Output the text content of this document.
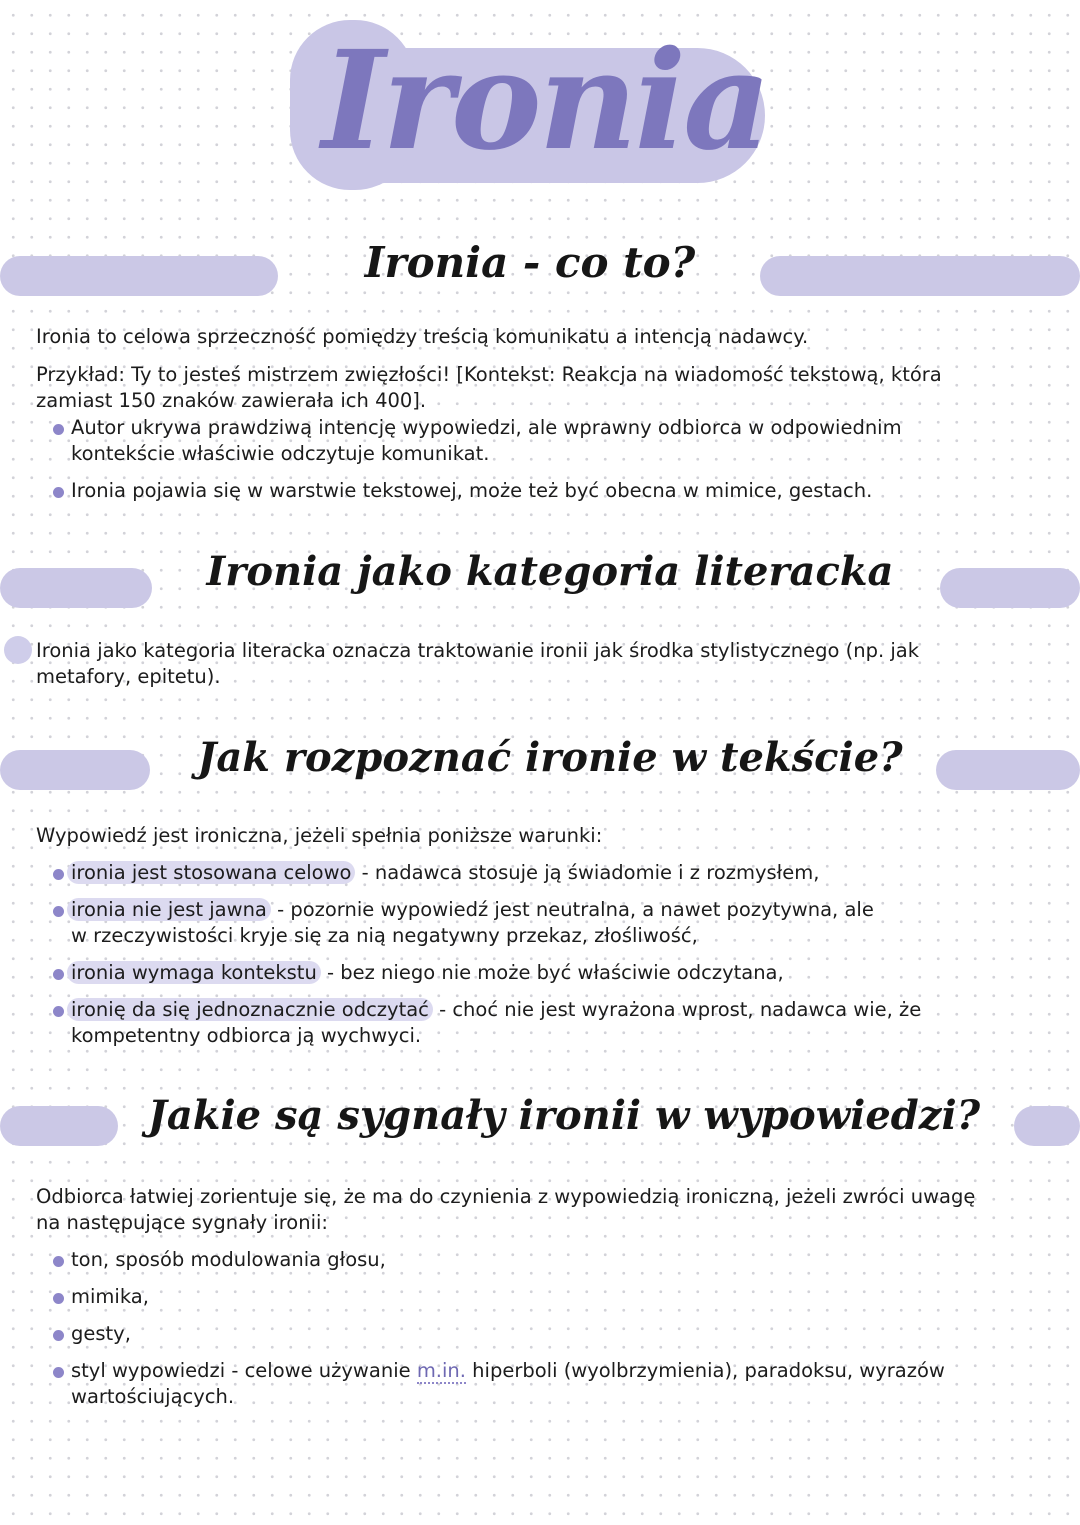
Ironia
Ironia - co to?
Ironia to celowa sprzeczność pomiędzy treścią komunikatu a intencją nadawcy.
Przykład: Ty to jesteś mistrzem zwięzłości! [Kontekst: Reakcja na wiadomość tekstową, która
zamiast 150 znaków zawierała ich 400].
Autor ukrywa prawdziwą intencję wypowiedzi, ale wprawny odbiorca w odpowiednim
kontekście właściwie odczytuje komunikat.
Ironia pojawia się w warstwie tekstowej, może też być obecna w mimice, gestach.
Ironia jako kategoria literacka
Ironia jako kategoria literacka oznacza traktowanie ironii jak środka stylistycznego (np. jak
metafory, epitetu).
Jak rozpoznać ironie w tekście?
Wypowiedź jest ironiczna, jeżeli spełnia poniższe warunki:
ironia jest stosowana celowo - nadawca stosuje ją świadomie i z rozmysłem,
ironia nie jest jawna - pozornie wypowiedź jest neutralna, a nawet pozytywna, ale
w rzeczywistości kryje się za nią negatywny przekaz, złośliwość,
ironia wymaga kontekstu - bez niego nie może być właściwie odczytana,
ironię da się jednoznacznie odczytać - choć nie jest wyrażona wprost, nadawca wie, że
kompetentny odbiorca ją wychwyci.
Jakie są sygnały ironii w wypowiedzi?
Odbiorca łatwiej zorientuje się, że ma do czynienia z wypowiedzią ironiczną, jeżeli zwróci uwagę
na następujące sygnały ironii:
ton, sposób modulowania głosu,
mimika,
gesty,
styl wypowiedzi - celowe używanie m.in. hiperboli (wyolbrzymienia), paradoksu, wyrazów
wartościujących.
